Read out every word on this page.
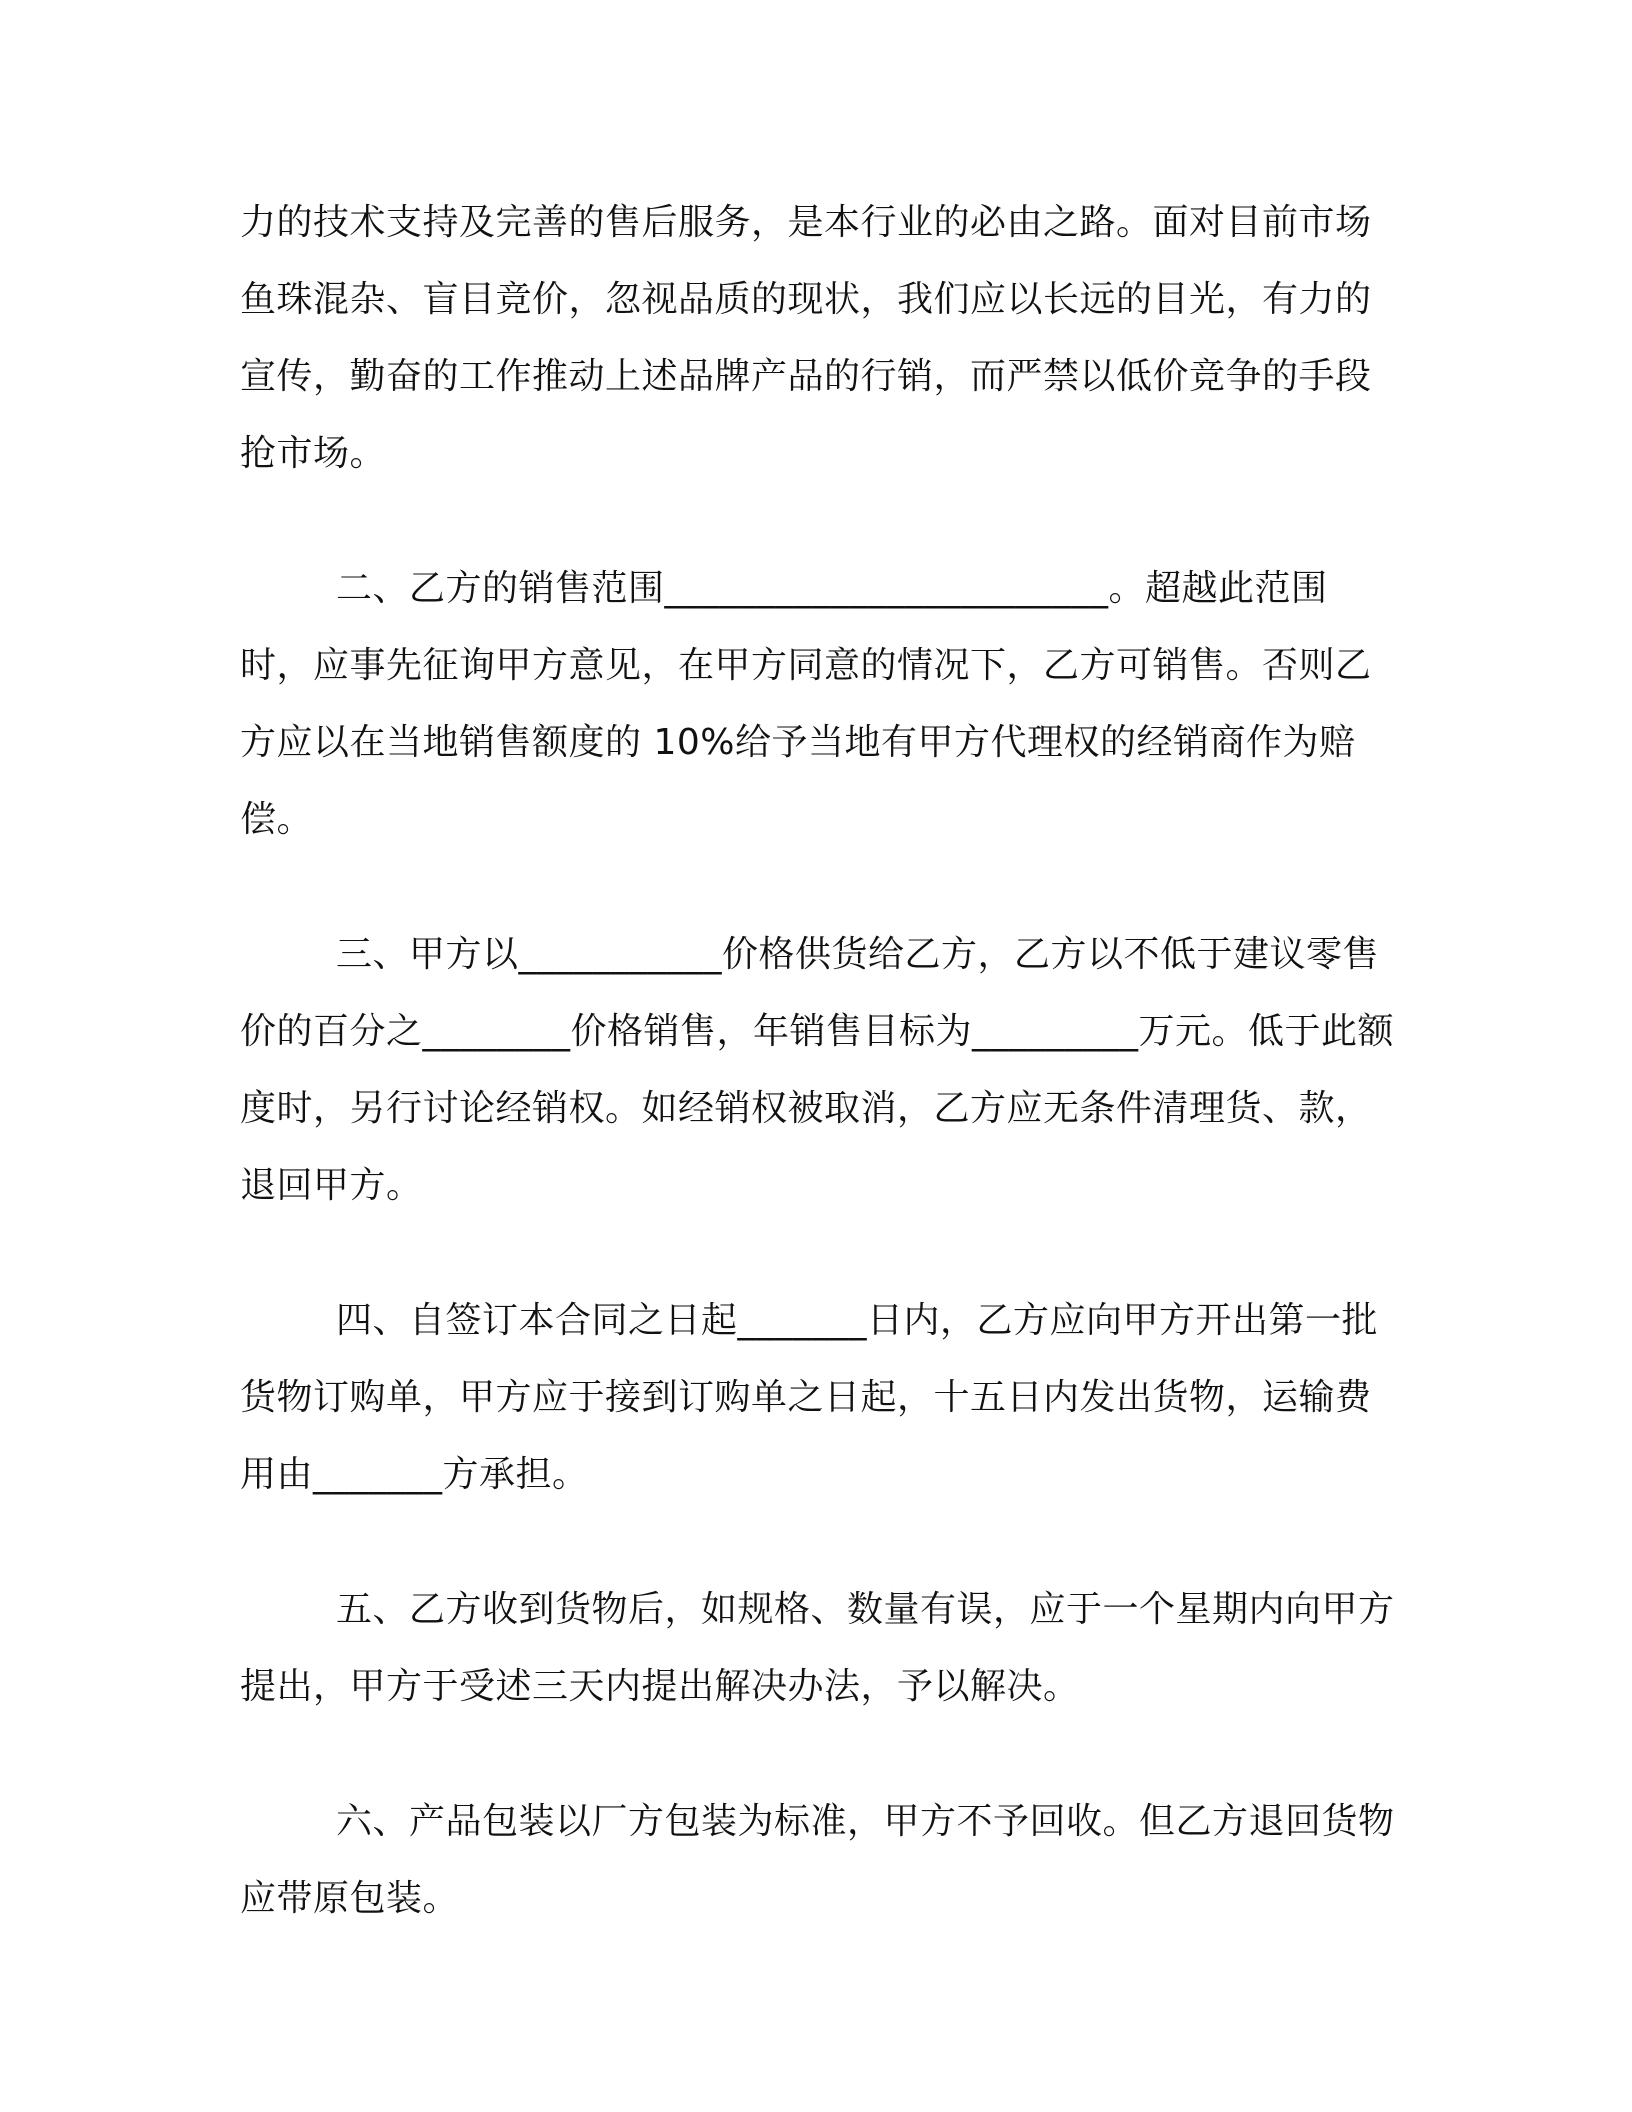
力的技术支持及完善的售后服务，是本行业的必由之路。面对目前市场鱼珠混杂、盲目竞价，忽视品质的现状，我们应以长远的目光，有力的宣传，勤奋的工作推动上述品牌产品的行销，而严禁以低价竞争的手段抢市场。

二、乙方的销售范围________________________。超越此范围时，应事先征询甲方意见，在甲方同意的情况下，乙方可销售。否则乙方应以在当地销售额度的 10%给予当地有甲方代理权的经销商作为赔偿。

三、甲方以___________价格供货给乙方，乙方以不低于建议零售价的百分之________价格销售，年销售目标为_________万元。低于此额度时，另行讨论经销权。如经销权被取消，乙方应无条件清理货、款，退回甲方。

四、自签订本合同之日起_______日内，乙方应向甲方开出第一批货物订购单，甲方应于接到订购单之日起，十五日内发出货物，运输费用由_______方承担。

五、乙方收到货物后，如规格、数量有误，应于一个星期内向甲方提出，甲方于受述三天内提出解决办法，予以解决。

六、产品包装以厂方包装为标准，甲方不予回收。但乙方退回货物应带原包装。
